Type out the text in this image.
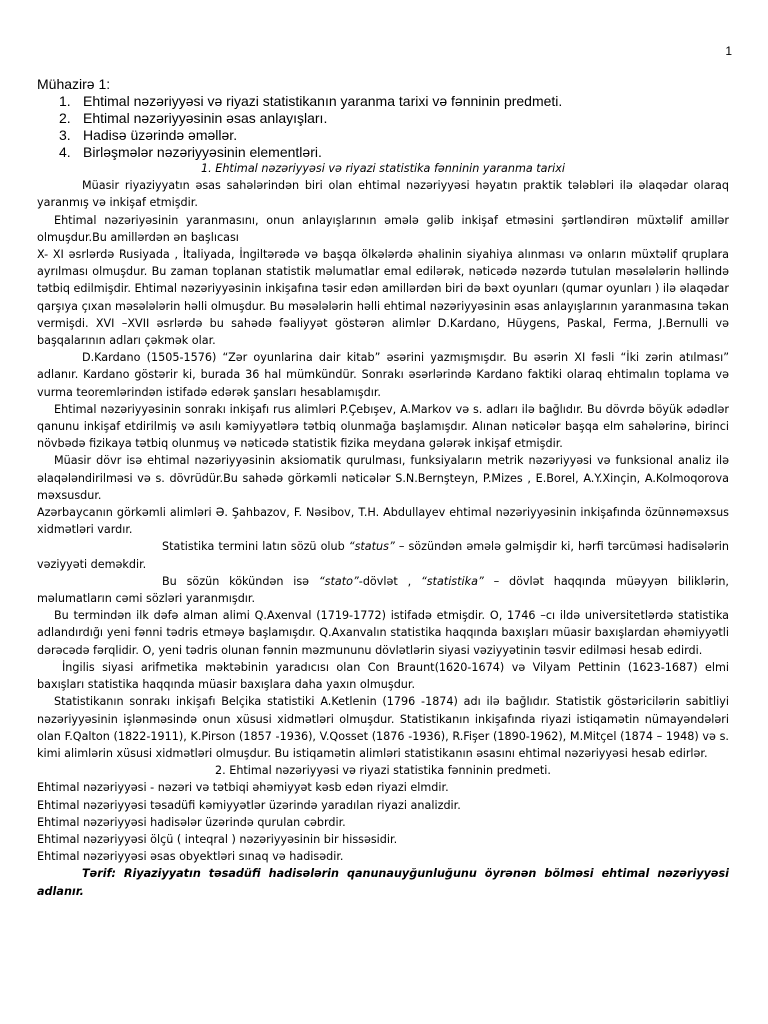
1

Mühazirə 1:

1. Ehtimal nəzəriyyəsi və riyazi statistikanın yaranma tarixi və fənninin predmeti.
2. Ehtimal nəzəriyyəsinin əsas anlayışları.
3. Hadisə üzərində əməllər.
4. Birləşmələr nəzəriyyəsinin elementləri.

1. Ehtimal nəzəriyyəsi və riyazi statistika fənninin yaranma tarixi

Müasir riyaziyyatın əsas sahələrindən biri olan ehtimal nəzəriyyəsi həyatın praktik tələbləri ilə əlaqədar olaraq yaranmış və inkişaf etmişdir.

Ehtimal nəzəriyəsinin yaranmasını, onun anlayışlarının əmələ gəlib inkişaf etməsini şərtləndirən müxtəlif amillər olmuşdur.Bu amillərdən ən başlıcası

X- XI əsrlərdə Rusiyada , İtaliyada, İngiltərədə və başqa ölkələrdə əhalinin siyahiya alınması və onların müxtəlif qruplara ayrılması olmuşdur. Bu zaman toplanan statistik məlumatlar emal edilərək, nəticədə nəzərdə tutulan məsələlərin həllində tətbiq edilmişdir. Ehtimal nəzəriyyəsinin inkişafına təsir edən amillərdən biri də bəxt oyunları (qumar oyunları ) ilə əlaqədar qarşıya çıxan məsələlərin həlli olmuşdur. Bu məsələlərin həlli ehtimal nəzəriyyəsinin əsas anlayışlarının yaranmasına təkan vermişdi. XVI –XVII əsrlərdə bu sahədə fəaliyyət göstərən alimlər D.Kardano, Hüygens, Paskal, Ferma, J.Bernulli və başqalarının adları çəkmək olar.

D.Kardano (1505-1576) “Zər oyunlarina dair kitab” əsərini yazmışmışdır. Bu əsərin XI fəsli “İki zərin atılması” adlanır. Kardano göstərir ki, burada 36 hal mümkündür. Sonrakı əsərlərində Kardano faktiki olaraq ehtimalın toplama və vurma teoremlərindən istifadə edərək şansları hesablamışdır.

Ehtimal nəzəriyyəsinin sonrakı inkişafı rus alimləri P.Çebışev, A.Markov və s. adları ilə bağlıdır. Bu dövrdə böyük ədədlər qanunu inkişaf etdirilmiş və asılı kəmiyyətlərə tətbiq olunmağa başlamışdır. Alınan nəticələr başqa elm sahələrinə, birinci növbədə fizikaya tətbiq olunmuş və nəticədə statistik fizika meydana gələrək inkişaf etmişdir.

Müasir dövr isə ehtimal nəzəriyyəsinin aksiomatik qurulması, funksiyaların metrik nəzəriyyəsi və funksional analiz ilə əlaqələndirilməsi və s. dövrüdür.Bu sahədə görkəmli nəticələr S.N.Bernşteyn, P.Mizes , E.Borel, A.Y.Xinçin, A.Kolmoqorova məxsusdur.

Azərbaycanın görkəmli alimləri Ə. Şahbazov, F. Nəsibov, T.H. Abdullayev ehtimal nəzəriyyəsinin inkişafında özünnəməxsus xidmətləri vardır.

Statistika termini latın sözü olub “status” – sözündən əmələ gəlmişdir ki, hərfi tərcüməsi hadisələrin vəziyyəti deməkdir.

Bu sözün kökündən isə “stato”-dövlət , “statistika” – dövlət haqqında müəyyən biliklərin, məlumatların cəmi sözləri yaranmışdır.

Bu termindən ilk dəfə alman alimi Q.Axenval (1719-1772) istifadə etmişdir. O, 1746 –cı ildə universitetlərdə statistika adlandırdığı yeni fənni tədris etməyə başlamışdır. Q.Axanvalın statistika haqqında baxışları müasir baxışlardan əhəmiyyətli dərəcədə fərqlidir. O, yeni tədris olunan fənnin məzmununu dövlətlərin siyasi vəziyyətinin təsvir edilməsi hesab edirdi.

İngilis siyasi arifmetika məktəbinin yaradıcısı olan Con Braunt(1620-1674) və Vilyam Pettinin (1623-1687) elmi baxışları statistika haqqında müasir baxışlara daha yaxın olmuşdur.

Statistikanın sonrakı inkişafı Belçika statistiki A.Ketlenin (1796 -1874) adı ilə bağlıdır. Statistik göstəricilərin sabitliyi nəzəriyyəsinin işlənməsində onun xüsusi xidmətləri olmuşdur. Statistikanın inkişafında riyazi istiqamətin nümayəndələri olan F.Qalton (1822-1911), K.Pirson (1857 -1936), V.Qosset (1876 -1936), R.Fişer (1890-1962), M.Mitçel (1874 – 1948) və s. kimi alimlərin xüsusi xidmətləri olmuşdur. Bu istiqamətin alimləri statistikanın əsasını ehtimal nəzəriyyəsi hesab edirlər.

2. Ehtimal nəzəriyyəsi və riyazi statistika fənninin predmeti.

Ehtimal nəzəriyyəsi - nəzəri və tətbiqi əhəmiyyət kəsb edən riyazi elmdir.

Ehtimal nəzəriyyəsi təsadüfi kəmiyyətlər üzərində yaradılan riyazi analizdir.

Ehtimal nəzəriyyəsi hadisələr üzərində qurulan cəbrdir.

Ehtimal nəzəriyyəsi ölçü ( inteqral ) nəzəriyyəsinin bir hissəsidir.

Ehtimal nəzəriyyəsi əsas obyektləri sınaq və hadisədir.

Tərif: Riyaziyyatın təsadüfi hadisələrin qanunauyğunluğunu öyrənən bölməsi ehtimal nəzəriyyəsi adlanır.
